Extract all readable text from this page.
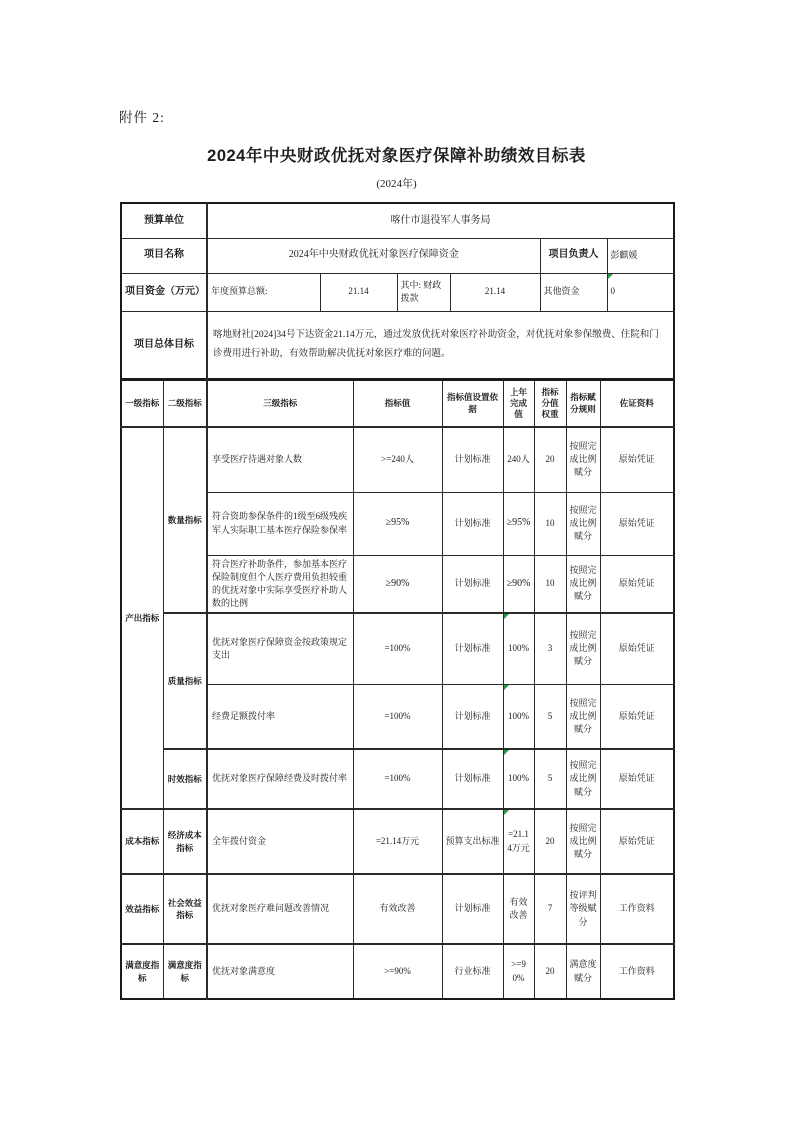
附件 2:
2024年中央财政优抚对象医疗保障补助绩效目标表
(2024年)
预算单位	喀什市退役军人事务局					
项目名称	2024年中央财政优抚对象医疗保障资金				项目负责人	彭麒媛
项目资金（万元）	年度预算总额:	21.14	其中: 财政拨款	21.14	其他资金	0
项目总体目标	喀地财社[2024]34号下达资金21.14万元，通过发放优抚对象医疗补助资金，对优抚对象参保缴费、住院和门诊费用进行补助，有效帮助解决优抚对象医疗难的问题。					
一级指标	二级指标	三级指标	指标值	指标值设置依据	上年完成值	指标分值权重	指标赋分规则	佐证资料
产出指标	数量指标	享受医疗待遇对象人数	>=240人	计划标准	240人	20	按照完成比例赋分	原始凭证
		符合资助参保条件的1级至6级残疾军人实际职工基本医疗保险参保率	≥95%	计划标准	≥95%	10	按照完成比例赋分	原始凭证
		符合医疗补助条件，参加基本医疗保险制度但个人医疗费用负担较重的优抚对象中实际享受医疗补助人数的比例	≥90%	计划标准	≥90%	10	按照完成比例赋分	原始凭证
	质量指标	优抚对象医疗保障资金按政策规定支出	=100%	计划标准	100%	3	按照完成比例赋分	原始凭证
		经费足额拨付率	=100%	计划标准	100%	5	按照完成比例赋分	原始凭证
	时效指标	优抚对象医疗保障经费及时拨付率	=100%	计划标准	100%	5	按照完成比例赋分	原始凭证
成本指标	经济成本指标	全年拨付资金	=21.14万元	预算支出标准	=21.14万元	20	按照完成比例赋分	原始凭证
效益指标	社会效益指标	优抚对象医疗难问题改善情况	有效改善	计划标准	有效改善	7	按评判等级赋分	工作资料
满意度指标	满意度指标	优抚对象满意度	>=90%	行业标准	>=90%	20	满意度赋分	工作资料
